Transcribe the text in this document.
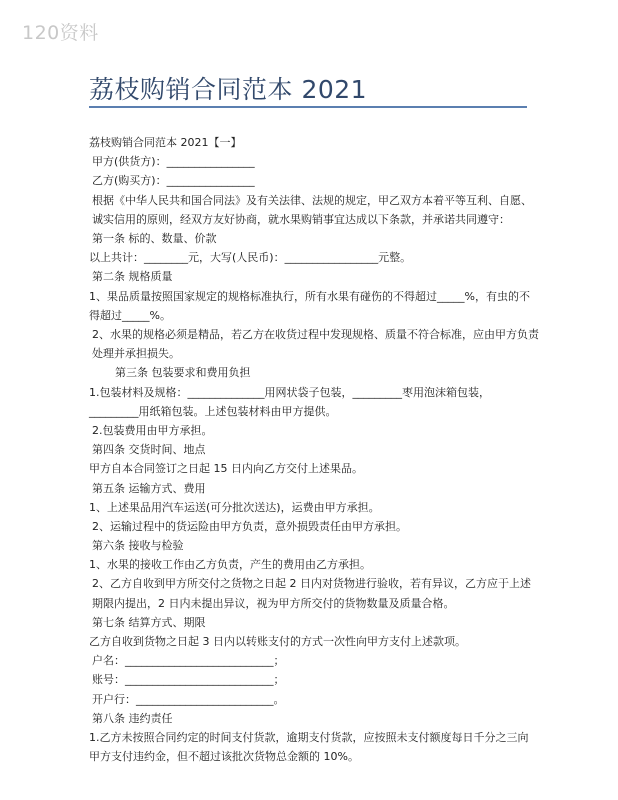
120资料
荔枝购销合同范本 2021
荔枝购销合同范本 2021【一】
甲方(供货方)：________________
乙方(购买方)：________________
根据《中华人民共和国合同法》及有关法律、法规的规定，甲乙双方本着平等互利、自愿、诚实信用的原则，经双方友好协商，就水果购销事宜达成以下条款，并承诺共同遵守：
第一条 标的、数量、价款
以上共计：________元，大写(人民币)：_________________元整。
第二条 规格质量
1、果品质量按照国家规定的规格标准执行，所有水果有碰伤的不得超过_____%，有虫的不得超过_____%。
2、水果的规格必须是精品，若乙方在收货过程中发现规格、质量不符合标准，应由甲方负责处理并承担损失。
第三条 包装要求和费用负担
1.包装材料及规格：______________用网状袋子包装，_________枣用泡沫箱包装，_________用纸箱包装。上述包装材料由甲方提供。
2.包装费用由甲方承担。
第四条 交货时间、地点
甲方自本合同签订之日起 15 日内向乙方交付上述果品。
第五条 运输方式、费用
1、上述果品用汽车运送(可分批次送达)，运费由甲方承担。
2、运输过程中的货运险由甲方负责，意外损毁责任由甲方承担。
第六条 接收与检验
1、水果的接收工作由乙方负责，产生的费用由乙方承担。
2、乙方自收到甲方所交付之货物之日起 2 日内对货物进行验收，若有异议，乙方应于上述期限内提出，2 日内未提出异议，视为甲方所交付的货物数量及质量合格。
第七条 结算方式、期限
乙方自收到货物之日起 3 日内以转账支付的方式一次性向甲方支付上述款项。
户名：___________________________；
账号：___________________________；
开户行：_________________________。
第八条 违约责任
1.乙方未按照合同约定的时间支付货款，逾期支付货款，应按照未支付额度每日千分之三向甲方支付违约金，但不超过该批次货物总金额的 10%。
